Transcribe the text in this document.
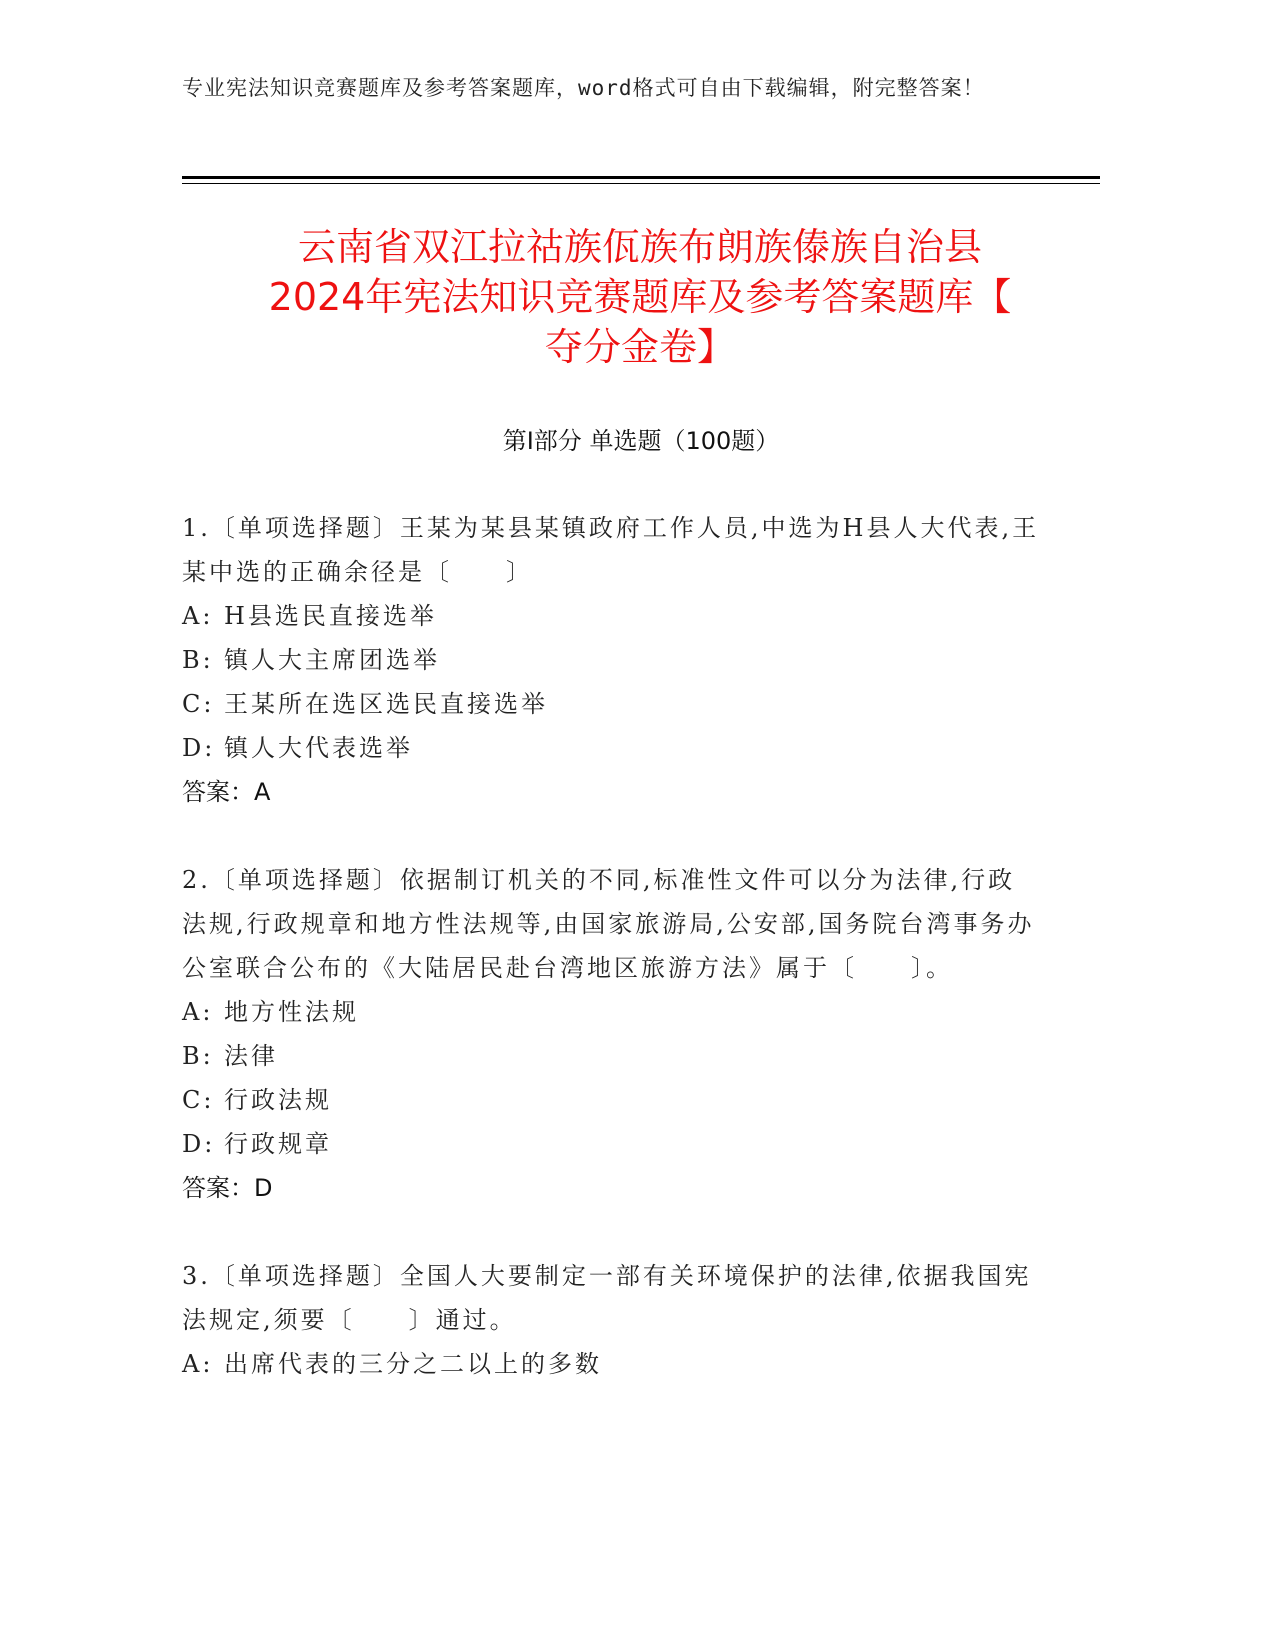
专业宪法知识竞赛题库及参考答案题库，word格式可自由下载编辑，附完整答案！
云南省双江拉祜族佤族布朗族傣族自治县
2024年宪法知识竞赛题库及参考答案题库【
夺分金卷】
第I部分 单选题（100题）
1.〔单项选择题〕王某为某县某镇政府工作人员,中选为H县人大代表,王某中选的正确余径是〔　　〕
A: H县选民直接选举
B: 镇人大主席团选举
C: 王某所在选区选民直接选举
D: 镇人大代表选举
答案：A
2.〔单项选择题〕依据制订机关的不同,标准性文件可以分为法律,行政法规,行政规章和地方性法规等,由国家旅游局,公安部,国务院台湾事务办公室联合公布的《大陆居民赴台湾地区旅游方法》属于〔　　〕。
A: 地方性法规
B: 法律
C: 行政法规
D: 行政规章
答案：D
3.〔单项选择题〕全国人大要制定一部有关环境保护的法律,依据我国宪法规定,须要〔　　〕通过。
A: 出席代表的三分之二以上的多数
